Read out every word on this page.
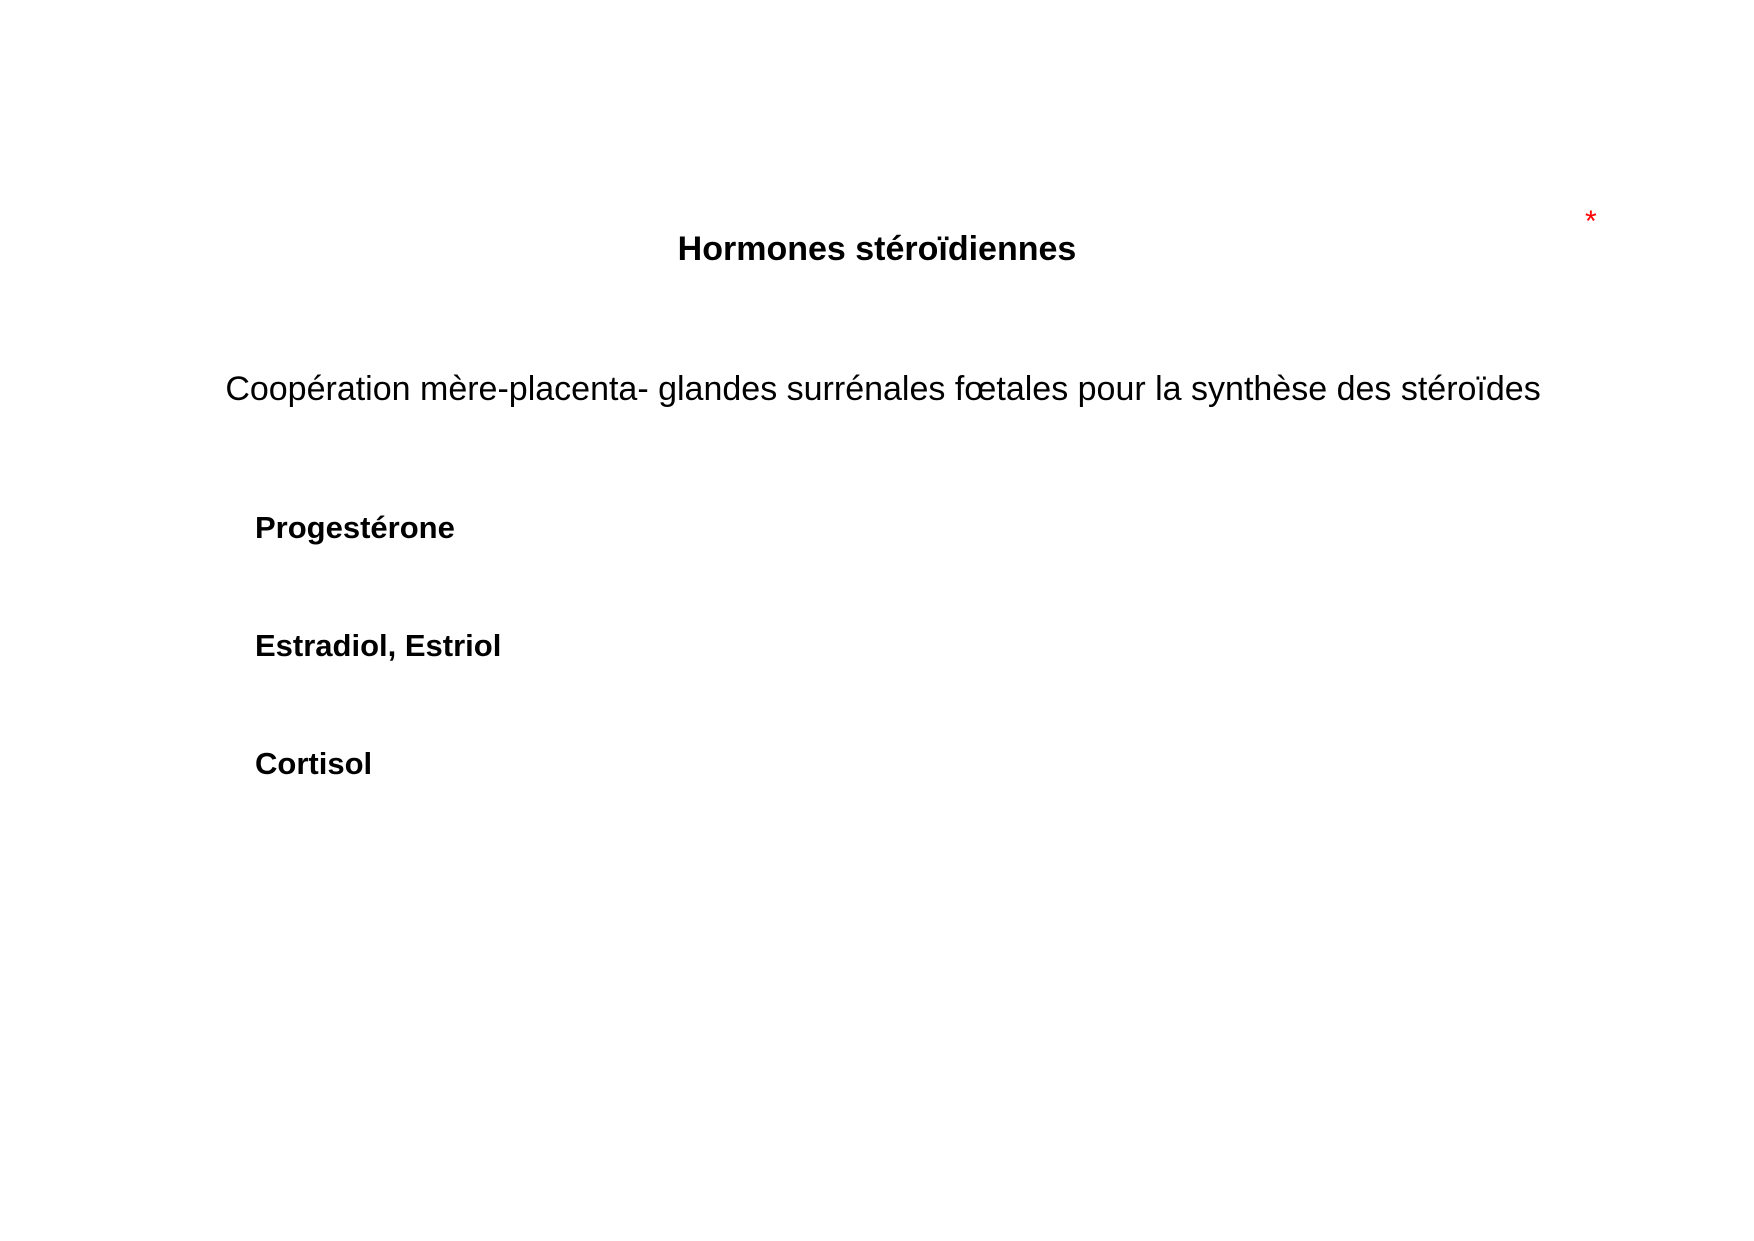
*
Hormones stéroïdiennes
Coopération mère-placenta- glandes surrénales fœtales pour la synthèse des stéroïdes
Progestérone
Estradiol, Estriol
Cortisol
